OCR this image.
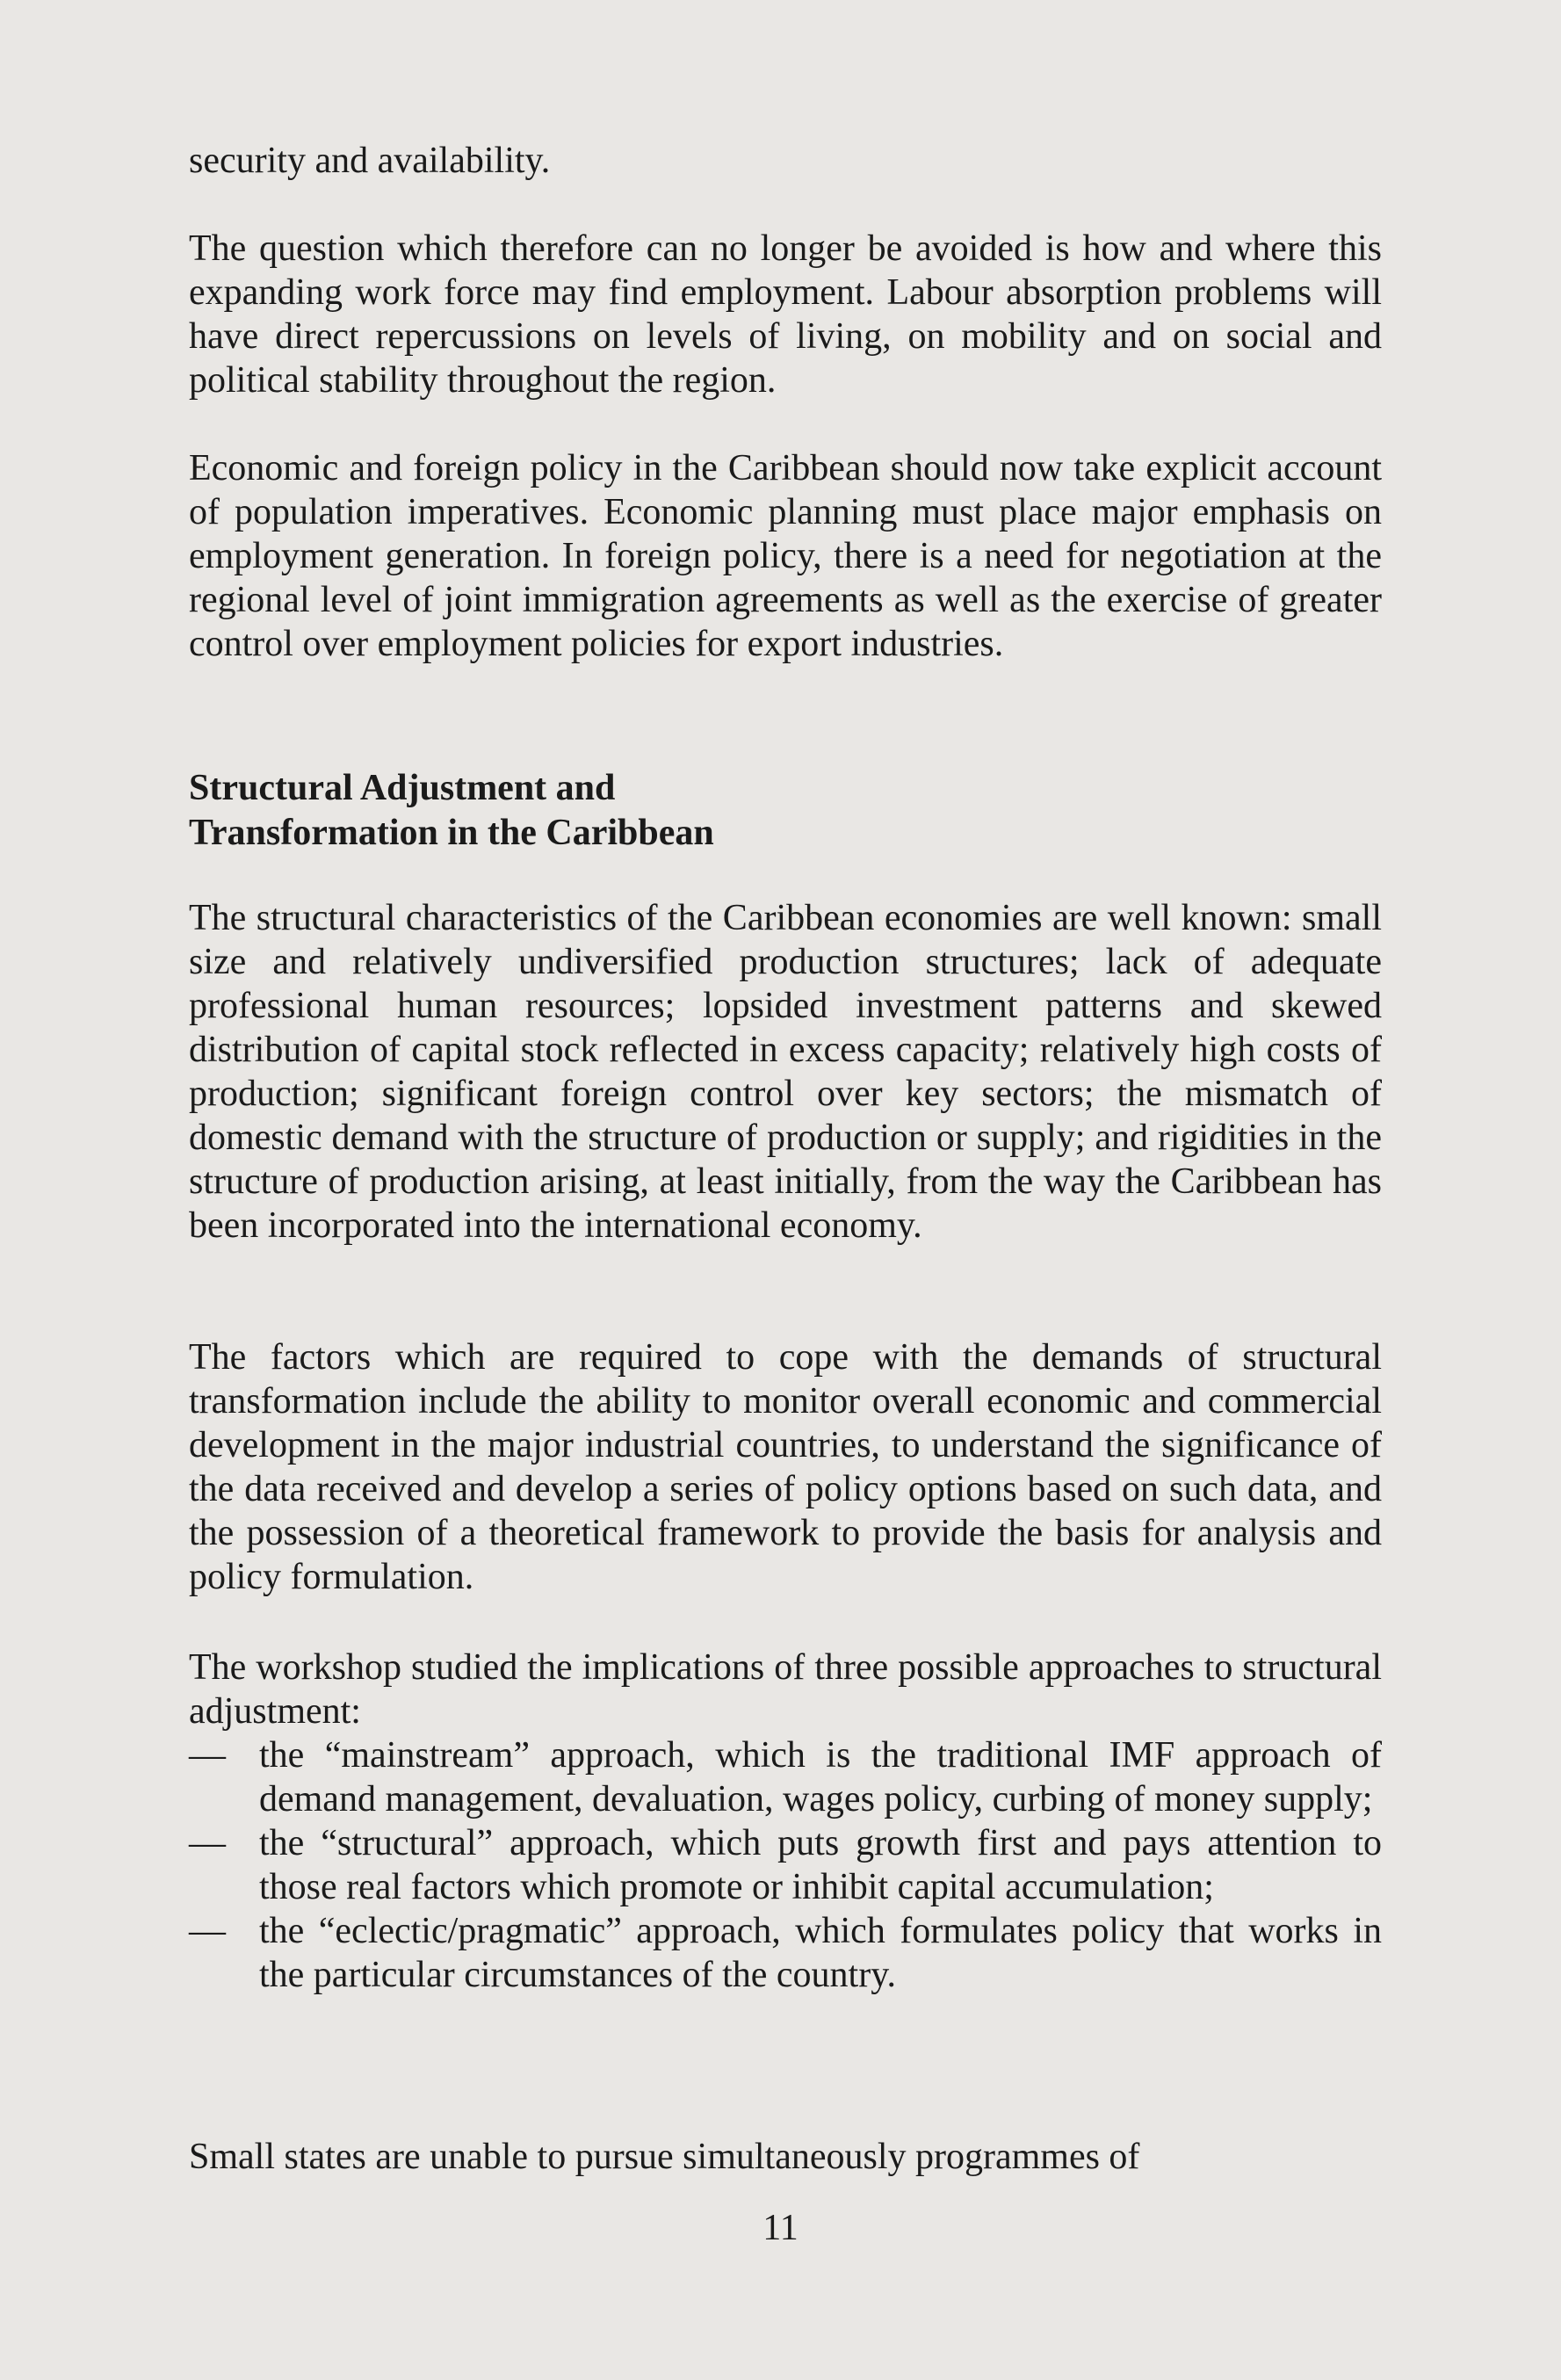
security and availability.

The question which therefore can no longer be avoided is how and where this expanding work force may find employment. Labour absorption problems will have direct repercussions on levels of living, on mobility and on social and political stability throughout the region.

Economic and foreign policy in the Caribbean should now take explicit account of population imperatives. Economic planning must place major emphasis on employment generation. In foreign policy, there is a need for negotiation at the regional level of joint immigration agreements as well as the exercise of greater control over employment policies for export industries.

Structural Adjustment and
Transformation in the Caribbean

The structural characteristics of the Caribbean economies are well known: small size and relatively undiversified production structures; lack of adequate professional human resources; lopsided investment patterns and skewed distribution of capital stock reflected in excess capacity; relatively high costs of production; significant foreign control over key sectors; the mismatch of domestic demand with the structure of production or supply; and rigidities in the structure of production arising, at least initially, from the way the Caribbean has been incorporated into the international economy.

The factors which are required to cope with the demands of structural transformation include the ability to monitor overall economic and commercial development in the major industrial countries, to understand the significance of the data received and develop a series of policy options based on such data, and the possession of a theoretical framework to provide the basis for analysis and policy formulation.

The workshop studied the implications of three possible approaches to structural adjustment:

— the “mainstream” approach, which is the traditional IMF approach of demand management, devaluation, wages policy, curbing of money supply;
— the “structural” approach, which puts growth first and pays attention to those real factors which promote or inhibit capital accumulation;
— the “eclectic/pragmatic” approach, which formulates policy that works in the particular circumstances of the country.

Small states are unable to pursue simultaneously programmes of

11
